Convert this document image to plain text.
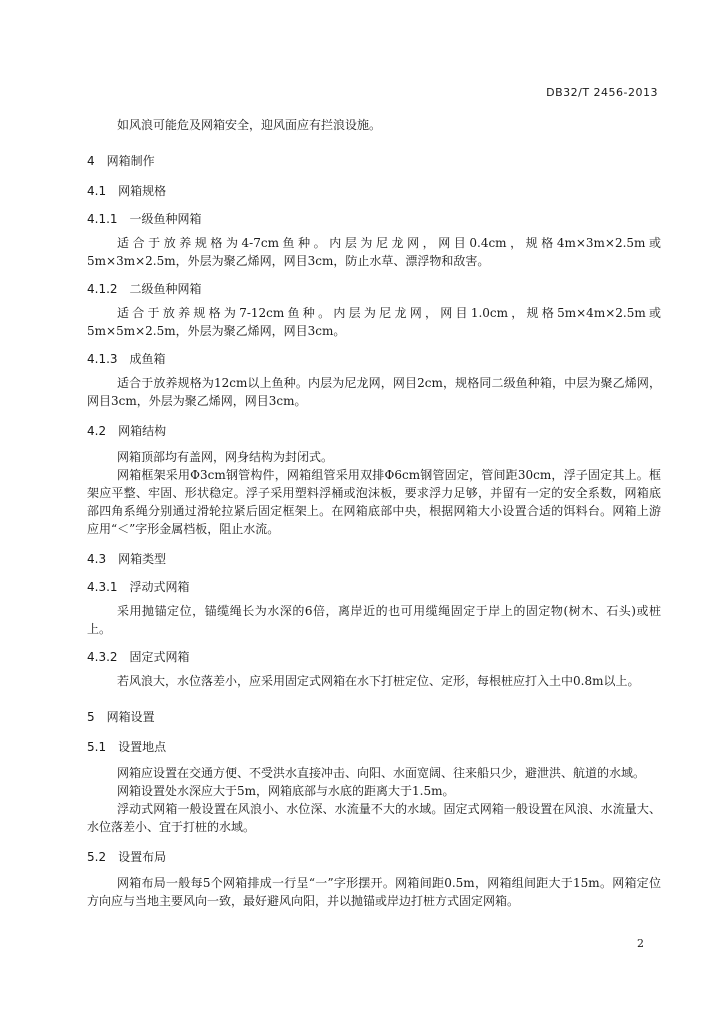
DB32/T 2456-2013

如风浪可能危及网箱安全，迎风面应有拦浪设施。

4 网箱制作
4.1 网箱规格
4.1.1 一级鱼种网箱

适合于放养规格为4-7cm鱼种。内层为尼龙网，网目0.4cm，规格4m×3m×2.5m或5m×3m×2.5m，外层为聚乙烯网，网目3cm，防止水草、漂浮物和敌害。

4.1.2 二级鱼种网箱

适合于放养规格为7-12cm鱼种。内层为尼龙网，网目1.0cm，规格5m×4m×2.5m或5m×5m×2.5m，外层为聚乙烯网，网目3cm。

4.1.3 成鱼箱

适合于放养规格为12cm以上鱼种。内层为尼龙网，网目2cm，规格同二级鱼种箱，中层为聚乙烯网，网目3cm，外层为聚乙烯网，网目3cm。

4.2 网箱结构

网箱顶部均有盖网，网身结构为封闭式。

网箱框架采用Φ3cm钢管构件，网箱组管采用双排Φ6cm钢管固定，管间距30cm，浮子固定其上。框架应平整、牢固、形状稳定。浮子采用塑料浮桶或泡沫板，要求浮力足够，并留有一定的安全系数，网箱底部四角系绳分别通过滑轮拉紧后固定框架上。在网箱底部中央，根据网箱大小设置合适的饵料台。网箱上游应用“＜”字形金属档板，阻止水流。

4.3 网箱类型
4.3.1 浮动式网箱

采用抛锚定位，锚缆绳长为水深的6倍，离岸近的也可用缆绳固定于岸上的固定物(树木、石头)或桩上。

4.3.2 固定式网箱

若风浪大，水位落差小，应采用固定式网箱在水下打桩定位、定形，每根桩应打入土中0.8m以上。

5 网箱设置
5.1 设置地点

网箱应设置在交通方便、不受洪水直接冲击、向阳、水面宽阔、往来船只少，避泄洪、航道的水域。

网箱设置处水深应大于5m，网箱底部与水底的距离大于1.5m。

浮动式网箱一般设置在风浪小、水位深、水流量不大的水域。固定式网箱一般设置在风浪、水流量大、水位落差小、宜于打桩的水域。

5.2 设置布局

网箱布局一般每5个网箱排成一行呈“一”字形摆开。网箱间距0.5m，网箱组间距大于15m。网箱定位方向应与当地主要风向一致，最好避风向阳，并以抛锚或岸边打桩方式固定网箱。

2
